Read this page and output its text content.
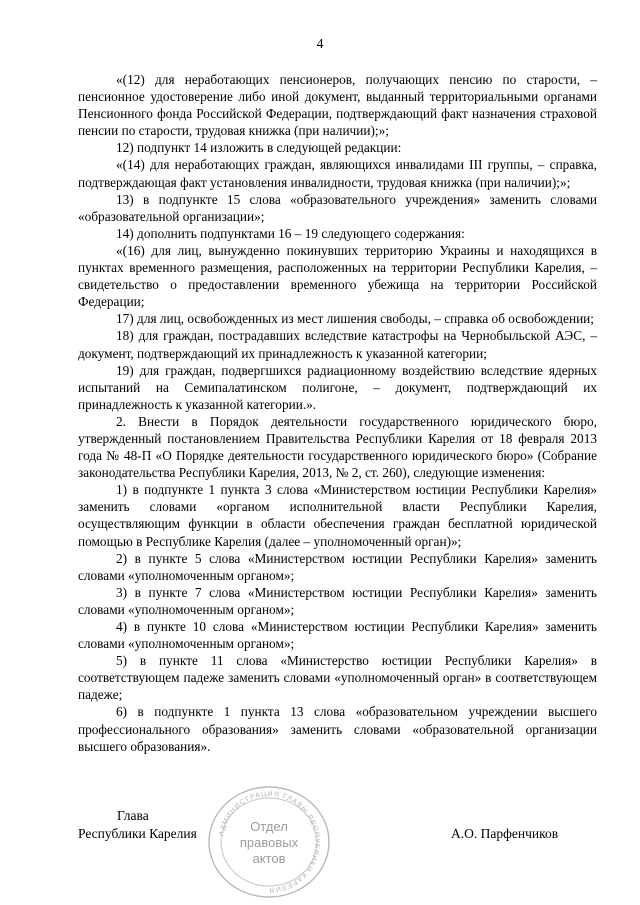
4

«(12) для неработающих пенсионеров, получающих пенсию по старости, – пенсионное удостоверение либо иной документ, выданный территориальными органами Пенсионного фонда Российской Федерации, подтверждающий факт назначения страховой пенсии по старости, трудовая книжка (при наличии);»;

12) подпункт 14 изложить в следующей редакции:

«(14) для неработающих граждан, являющихся инвалидами III группы, – справка, подтверждающая факт установления инвалидности, трудовая книжка (при наличии);»;

13) в подпункте 15 слова «образовательного учреждения» заменить словами «образовательной организации»;

14) дополнить подпунктами 16 – 19 следующего содержания:

«(16) для лиц, вынужденно покинувших территорию Украины и находящихся в пунктах временного размещения, расположенных на территории Республики Карелия, – свидетельство о предоставлении временного убежища на территории Российской Федерации;

17) для лиц, освобожденных из мест лишения свободы, – справка об освобождении;

18) для граждан, пострадавших вследствие катастрофы на Чернобыльской АЭС, – документ, подтверждающий их принадлежность к указанной категории;

19) для граждан, подвергшихся радиационному воздействию вследствие ядерных испытаний на Семипалатинском полигоне, – документ, подтверждающий их принадлежность к указанной категории.».

2. Внести в Порядок деятельности государственного юридического бюро, утвержденный постановлением Правительства Республики Карелия от 18 февраля 2013 года № 48-П «О Порядке деятельности государственного юридического бюро» (Собрание законодательства Республики Карелия, 2013, № 2, ст. 260), следующие изменения:

1) в подпункте 1 пункта 3 слова «Министерством юстиции Республики Карелия» заменить словами «органом исполнительной власти Республики Карелия, осуществляющим функции в области обеспечения граждан бесплатной юридической помощью в Республике Карелия (далее – уполномоченный орган)»;

2) в пункте 5 слова «Министерством юстиции Республики Карелия» заменить словами «уполномоченным органом»;

3) в пункте 7 слова «Министерством юстиции Республики Карелия» заменить словами «уполномоченным органом»;

4) в пункте 10 слова «Министерством юстиции Республики Карелия» заменить словами «уполномоченным органом»;

5) в пункте 11 слова «Министерство юстиции Республики Карелия» в соответствующем падеже заменить словами «уполномоченный орган» в соответствующем падеже;

6) в подпункте 1 пункта 13 слова «образовательном учреждении высшего профессионального образования» заменить словами «образовательной организации высшего образования».

Глава
Республики Карелия	А.О. Парфенчиков
АДМИНИСТРАЦИЯ ГЛАВЫ РЕСПУБЛИКИ КАРЕЛИЯ
Отдел
правовых
актов
